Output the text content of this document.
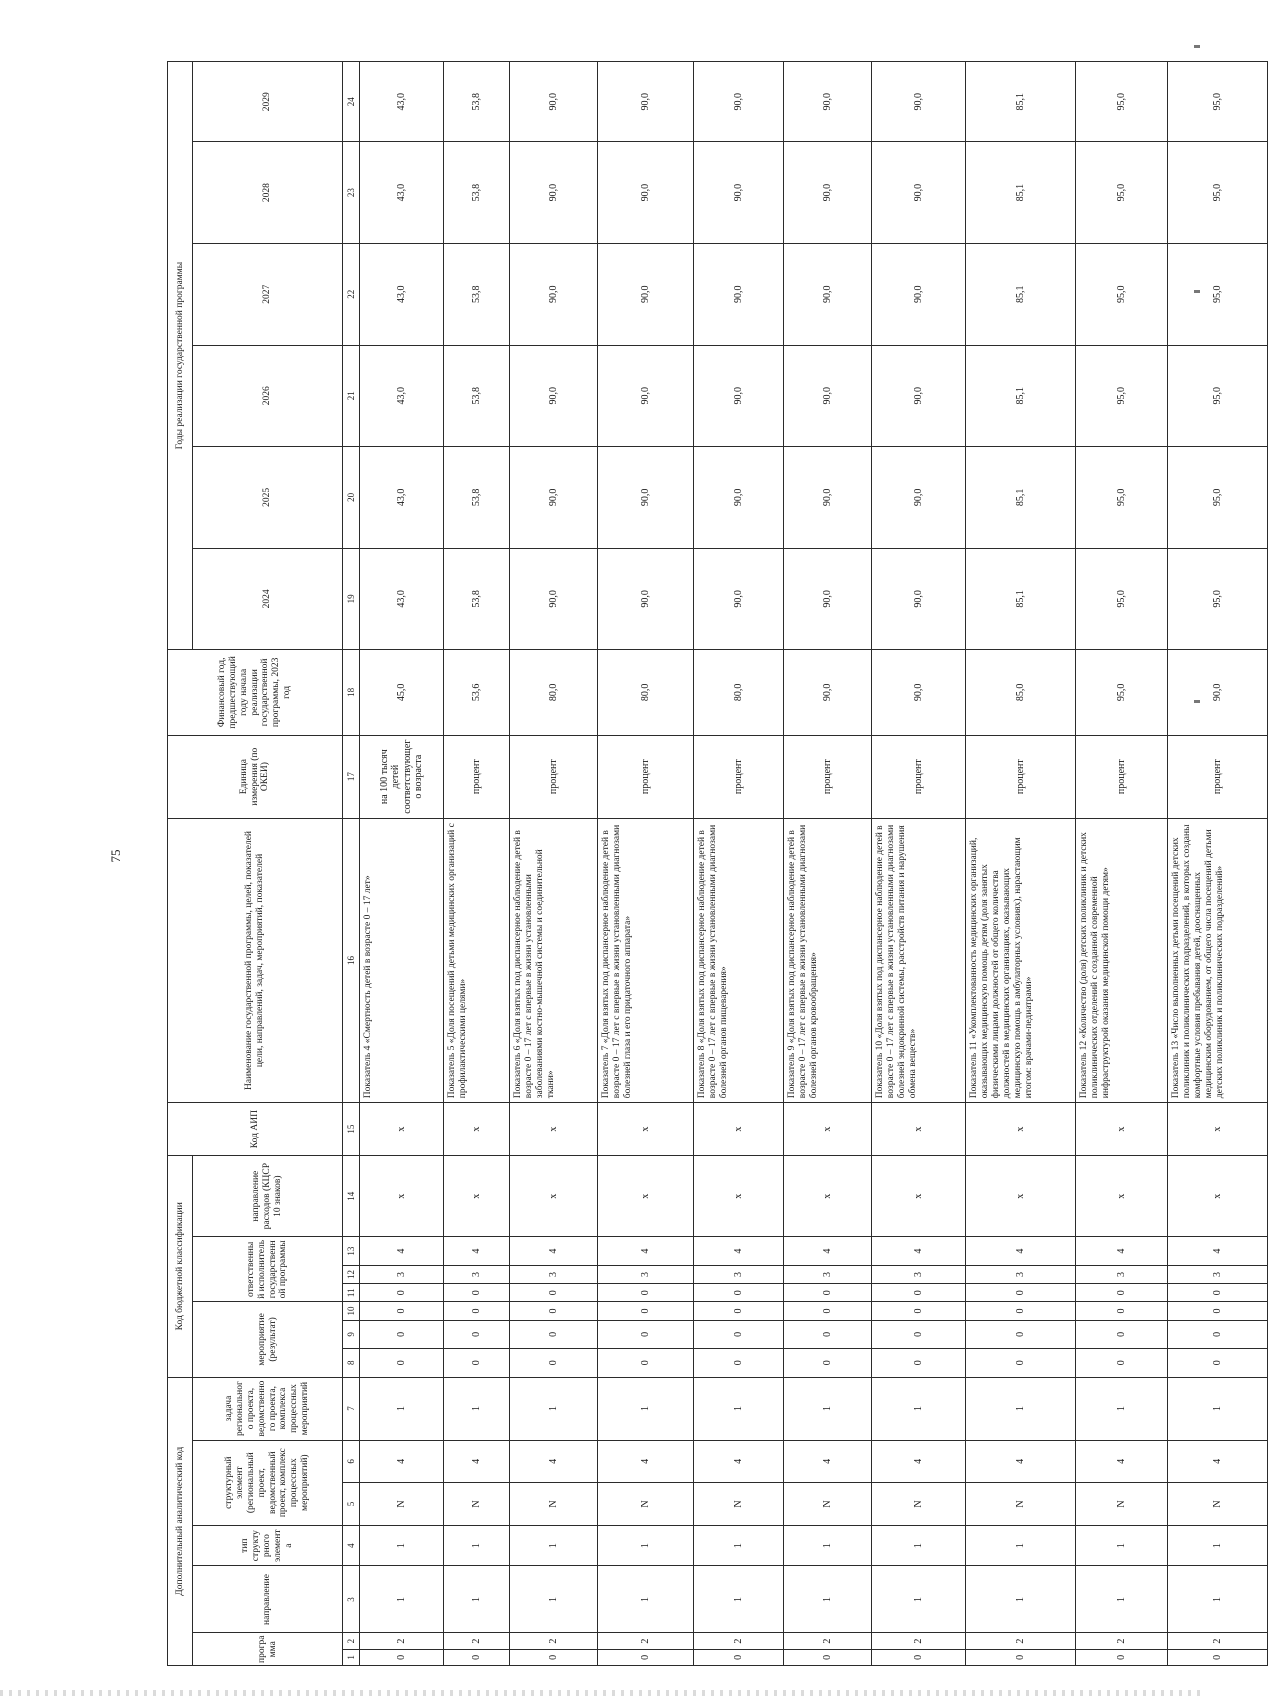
75
Дополнительный аналитический код							Код бюджетной классификации							Код АИП	Наименование государственной программы, целей, показателей цели, направлений, задач, мероприятий, показателей	Единица измерения (по ОКЕИ)	Финансовый год, предшествующий году начала реализации государственной программы, 2023 год	Годы реализации государственной программы					
программа		направление	тип структурного элемента	структурный элемент (региональный проект, ведомственный проект, комплекс процессных мероприятий)		задача регионального проекта, ведомственного проекта, комплекса процессных мероприятий	мероприятие (результат)			ответственный исполнитель государственной программы			направление расходов (КЦСР 10 знаков)					2024	2025	2026	2027	2028	2029
1	2	3	4	5	6	7	8	9	10	11	12	13	14	15	16	17	18	19	20	21	22	23	24
0	2	1	1	N	4	1	0	0	0	0	3	4	x	x	Показатель 4 «Смертность детей в возрасте 0 – 17 лет»	на 100 тысяч детей соответствующего возраста	45,0	43,0	43,0	43,0	43,0	43,0	43,0
0	2	1	1	N	4	1	0	0	0	0	3	4	x	x	Показатель 5 «Доля посещений детьми медицинских организаций с профилактическими целями»	процент	53,6	53,8	53,8	53,8	53,8	53,8	53,8
0	2	1	1	N	4	1	0	0	0	0	3	4	x	x	Показатель 6 «Доля взятых под диспансерное наблюдение детей в возрасте 0 – 17 лет с впервые в жизни установленными заболеваниями костно-мышечной системы и соединительной ткани»	процент	80,0	90,0	90,0	90,0	90,0	90,0	90,0
0	2	1	1	N	4	1	0	0	0	0	3	4	x	x	Показатель 7 «Доля взятых под диспансерное наблюдение детей в возрасте 0 – 17 лет с впервые в жизни установленными диагнозами болезней глаза и его придаточного аппарата»	процент	80,0	90,0	90,0	90,0	90,0	90,0	90,0
0	2	1	1	N	4	1	0	0	0	0	3	4	x	x	Показатель 8 «Доля взятых под диспансерное наблюдение детей в возрасте 0 – 17 лет с впервые в жизни установленными диагнозами болезней органов пищеварения»	процент	80,0	90,0	90,0	90,0	90,0	90,0	90,0
0	2	1	1	N	4	1	0	0	0	0	3	4	x	x	Показатель 9 «Доля взятых под диспансерное наблюдение детей в возрасте 0 – 17 лет с впервые в жизни установленными диагнозами болезней органов кровообращения»	процент	90,0	90,0	90,0	90,0	90,0	90,0	90,0
0	2	1	1	N	4	1	0	0	0	0	3	4	x	x	Показатель 10 «Доля взятых под диспансерное наблюдение детей в возрасте 0 – 17 лет с впервые в жизни установленными диагнозами болезней эндокринной системы, расстройств питания и нарушения обмена веществ»	процент	90,0	90,0	90,0	90,0	90,0	90,0	90,0
0	2	1	1	N	4	1	0	0	0	0	3	4	x	x	Показатель 11 «Укомплектованность медицинских организаций, оказывающих медицинскую помощь детям (доля занятых физическими лицами должностей от общего количества должностей в медицинских организациях, оказывающих медицинскую помощь в амбулаторных условиях), нарастающим итогом: врачами-педиатрами»	процент	85,0	85,1	85,1	85,1	85,1	85,1	85,1
0	2	1	1	N	4	1	0	0	0	0	3	4	x	x	Показатель 12 «Количество (доля) детских поликлиник и детских поликлинических отделений с созданной современной инфраструктурой оказания медицинской помощи детям»	процент	95,0	95,0	95,0	95,0	95,0	95,0	95,0
0	2	1	1	N	4	1	0	0	0	0	3	4	x	x	Показатель 13 «Число выполненных детьми посещений детских поликлиник и поликлинических подразделений, в которых созданы комфортные условия пребывания детей, дооснащенных медицинским оборудованием, от общего числа посещений детьми детских поликлиник и поликлинических подразделений»	процент	90,0	95,0	95,0	95,0	95,0	95,0	95,0
